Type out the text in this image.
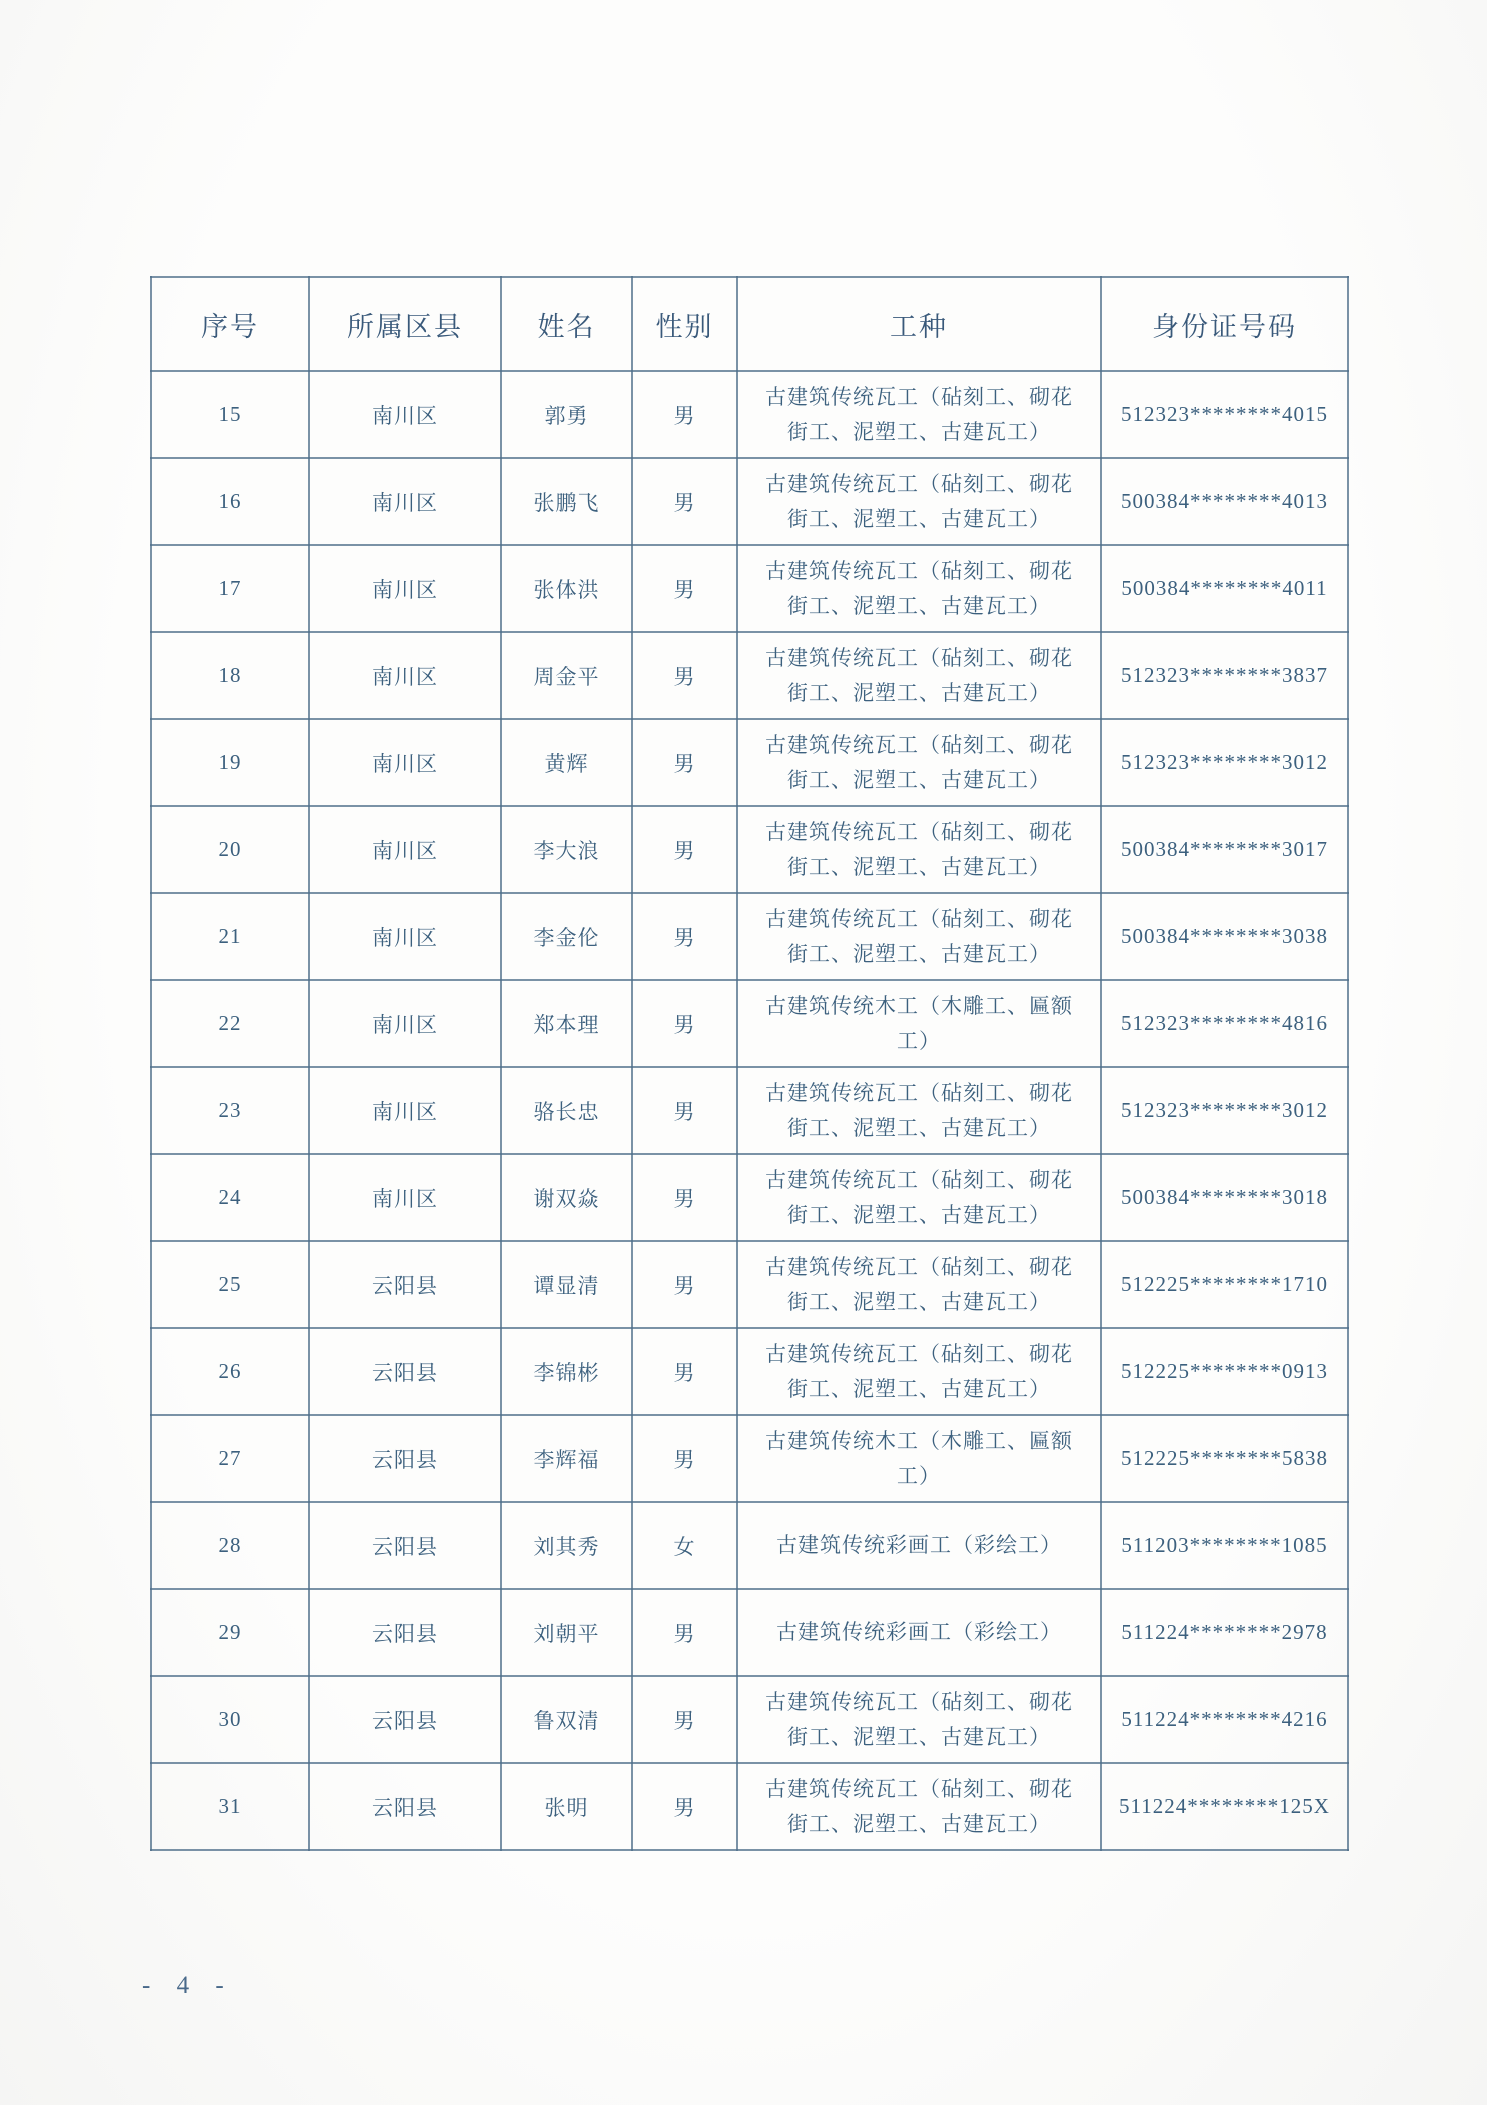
序号	所属区县	姓名	性别	工种	身份证号码
15	南川区	郭勇	男	古建筑传统瓦工（砧刻工、砌花街工、泥塑工、古建瓦工）	512323********4015
16	南川区	张鹏飞	男	古建筑传统瓦工（砧刻工、砌花街工、泥塑工、古建瓦工）	500384********4013
17	南川区	张体洪	男	古建筑传统瓦工（砧刻工、砌花街工、泥塑工、古建瓦工）	500384********4011
18	南川区	周金平	男	古建筑传统瓦工（砧刻工、砌花街工、泥塑工、古建瓦工）	512323********3837
19	南川区	黄辉	男	古建筑传统瓦工（砧刻工、砌花街工、泥塑工、古建瓦工）	512323********3012
20	南川区	李大浪	男	古建筑传统瓦工（砧刻工、砌花街工、泥塑工、古建瓦工）	500384********3017
21	南川区	李金伦	男	古建筑传统瓦工（砧刻工、砌花街工、泥塑工、古建瓦工）	500384********3038
22	南川区	郑本理	男	古建筑传统木工（木雕工、匾额工）	512323********4816
23	南川区	骆长忠	男	古建筑传统瓦工（砧刻工、砌花街工、泥塑工、古建瓦工）	512323********3012
24	南川区	谢双焱	男	古建筑传统瓦工（砧刻工、砌花街工、泥塑工、古建瓦工）	500384********3018
25	云阳县	谭显清	男	古建筑传统瓦工（砧刻工、砌花街工、泥塑工、古建瓦工）	512225********1710
26	云阳县	李锦彬	男	古建筑传统瓦工（砧刻工、砌花街工、泥塑工、古建瓦工）	512225********0913
27	云阳县	李辉福	男	古建筑传统木工（木雕工、匾额工）	512225********5838
28	云阳县	刘其秀	女	古建筑传统彩画工（彩绘工）	511203********1085
29	云阳县	刘朝平	男	古建筑传统彩画工（彩绘工）	511224********2978
30	云阳县	鲁双清	男	古建筑传统瓦工（砧刻工、砌花街工、泥塑工、古建瓦工）	511224********4216
31	云阳县	张明	男	古建筑传统瓦工（砧刻工、砌花街工、泥塑工、古建瓦工）	511224********125X
- 4 -
